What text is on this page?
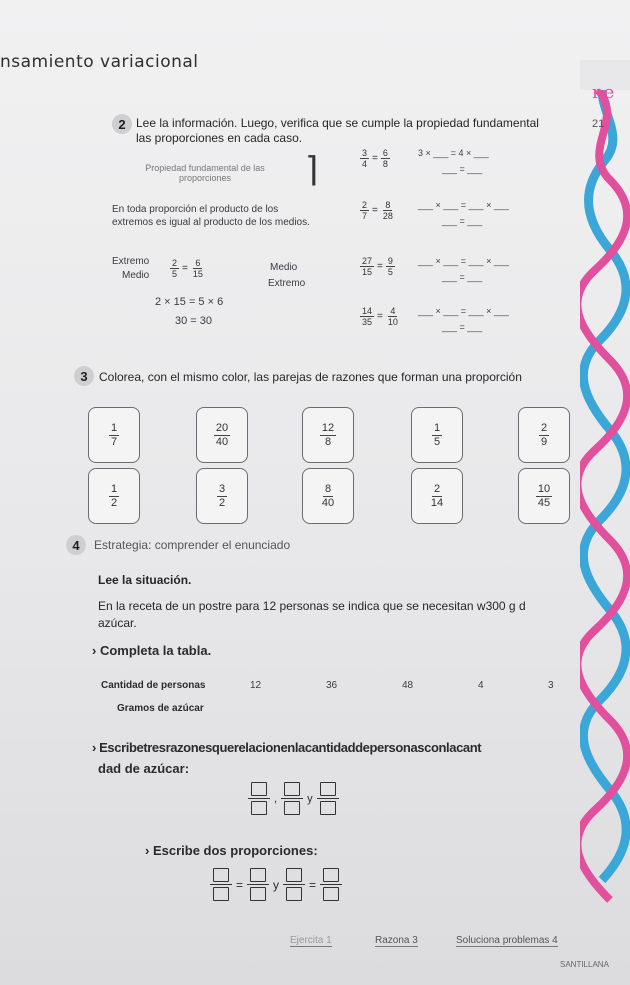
ne
21
nsamiento variacional
2 Lee la información. Luego, verifica que se cumple la propiedad fundamental
las proporciones en cada caso.
Propiedad fundamental de las proporciones	⌉
En toda proporción el producto de los extremos es igual al producto de los medios.
Extremo
Medio $\frac{2}{5} = \frac{6}{15}$	Medio
Extremo
2 × 15 = 5 × 6
30 = 30
$\frac{3}{4} = \frac{6}{8}$	3 × ___ = 4 × ___
___ = ___
$\frac{2}{7} = \frac{8}{28}$	___ × ___ = ___ × ___
___ = ___
$\frac{27}{15} = \frac{9}{5}$	___ × ___ = ___ × ___
___ = ___
$\frac{14}{35} = \frac{4}{10}$ ___ × ___ = ___ × ___
___ = ___
3 Colorea, con el mismo color, las parejas de razones que forman una proporción
$\frac{1}{7}$	$\frac{20}{40}$	$\frac{12}{8}$	$\frac{1}{5}$	$\frac{2}{9}$
$\frac{1}{2}$	$\frac{3}{2}$	$\frac{8}{40}$	$\frac{2}{14}$	$\frac{10}{45}$
4	Estrategia: comprender el enunciado
Lee la situación.
En la receta de un postre para 12 personas se indica que se necesitan w300 g d
azúcar.
› Completa la tabla.
Cantidad de personas	12	36	48	4	3
Gramos de azúcar
› Escribetresrazonesquerelacionenlacantidaddepersonasconlacant
dad de azúcar:
,	y
› Escribe dos proporciones:
=	y	=
Ejercita 1	Razona 3	Soluciona problemas 4
SANTILLANA
